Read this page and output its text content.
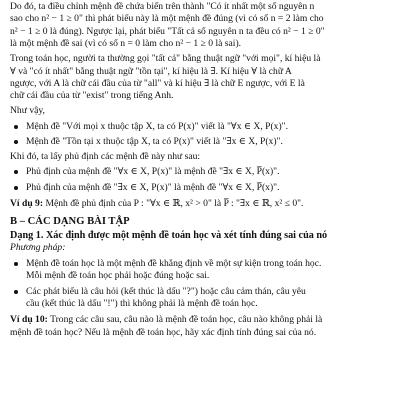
Do đó, ta điều chỉnh mệnh đề chứa biến trên thành "Có ít nhất một số nguyên n
sao cho n² − 1 ≥ 0" thì phát biểu này là một mệnh đề đúng (vì có số n = 2 làm cho
n² − 1 ≥ 0 là đúng). Ngược lại, phát biểu "Tất cả số nguyên n ta đều có n² − 1 ≥ 0"
là một mệnh đề sai (vì có số n = 0 làm cho n² − 1 ≥ 0 là sai).

Trong toán học, người ta thường gọi "tất cả" bằng thuật ngữ "với mọi", kí hiệu là
∀ và "có ít nhất" bằng thuật ngữ "tồn tại", kí hiệu là ∃. Kí hiệu ∀ là chữ A
ngược, với A là chữ cái đầu của từ "all" và kí hiệu ∃ là chữ E ngược, với E là
chữ cái đầu của từ "exist" trong tiếng Anh.

Như vậy,

Mệnh đề "Với mọi x thuộc tập X, ta có P(x)" viết là "∀x ∈ X, P(x)".

Mệnh đề "Tồn tại x thuộc tập X, ta có P(x)" viết là "∃x ∈ X, P(x)".

Khi đó, ta lấy phủ định các mệnh đề này như sau:

Phủ định của mệnh đề "∀x ∈ X, P(x)" là mệnh đề "∃x ∈ X, P̅(x)".

Phủ định của mệnh đề "∃x ∈ X, P(x)" là mệnh đề "∀x ∈ X, P̅(x)".

Ví dụ 9: Mệnh đề phủ định của P : "∀x ∈ ℝ, x² > 0" là P̅ : "∃x ∈ ℝ, x² ≤ 0".

B – CÁC DẠNG BÀI TẬP

Dạng 1. Xác định được một mệnh đề toán học và xét tính đúng sai của nó

Phương pháp:

Mệnh đề toán học là một mệnh đề khẳng định về một sự kiện trong toán học.
Mỗi mệnh đề toán học phải hoặc đúng hoặc sai.

Các phát biểu là câu hỏi (kết thúc là dấu "?") hoặc câu cảm thán, câu yêu
cầu (kết thúc là dấu "!") thì không phải là mệnh đề toán học.

Ví dụ 10: Trong các câu sau, câu nào là mệnh đề toán học, câu nào không phải là
mệnh đề toán học? Nếu là mệnh đề toán học, hãy xác định tính đúng sai của nó.
